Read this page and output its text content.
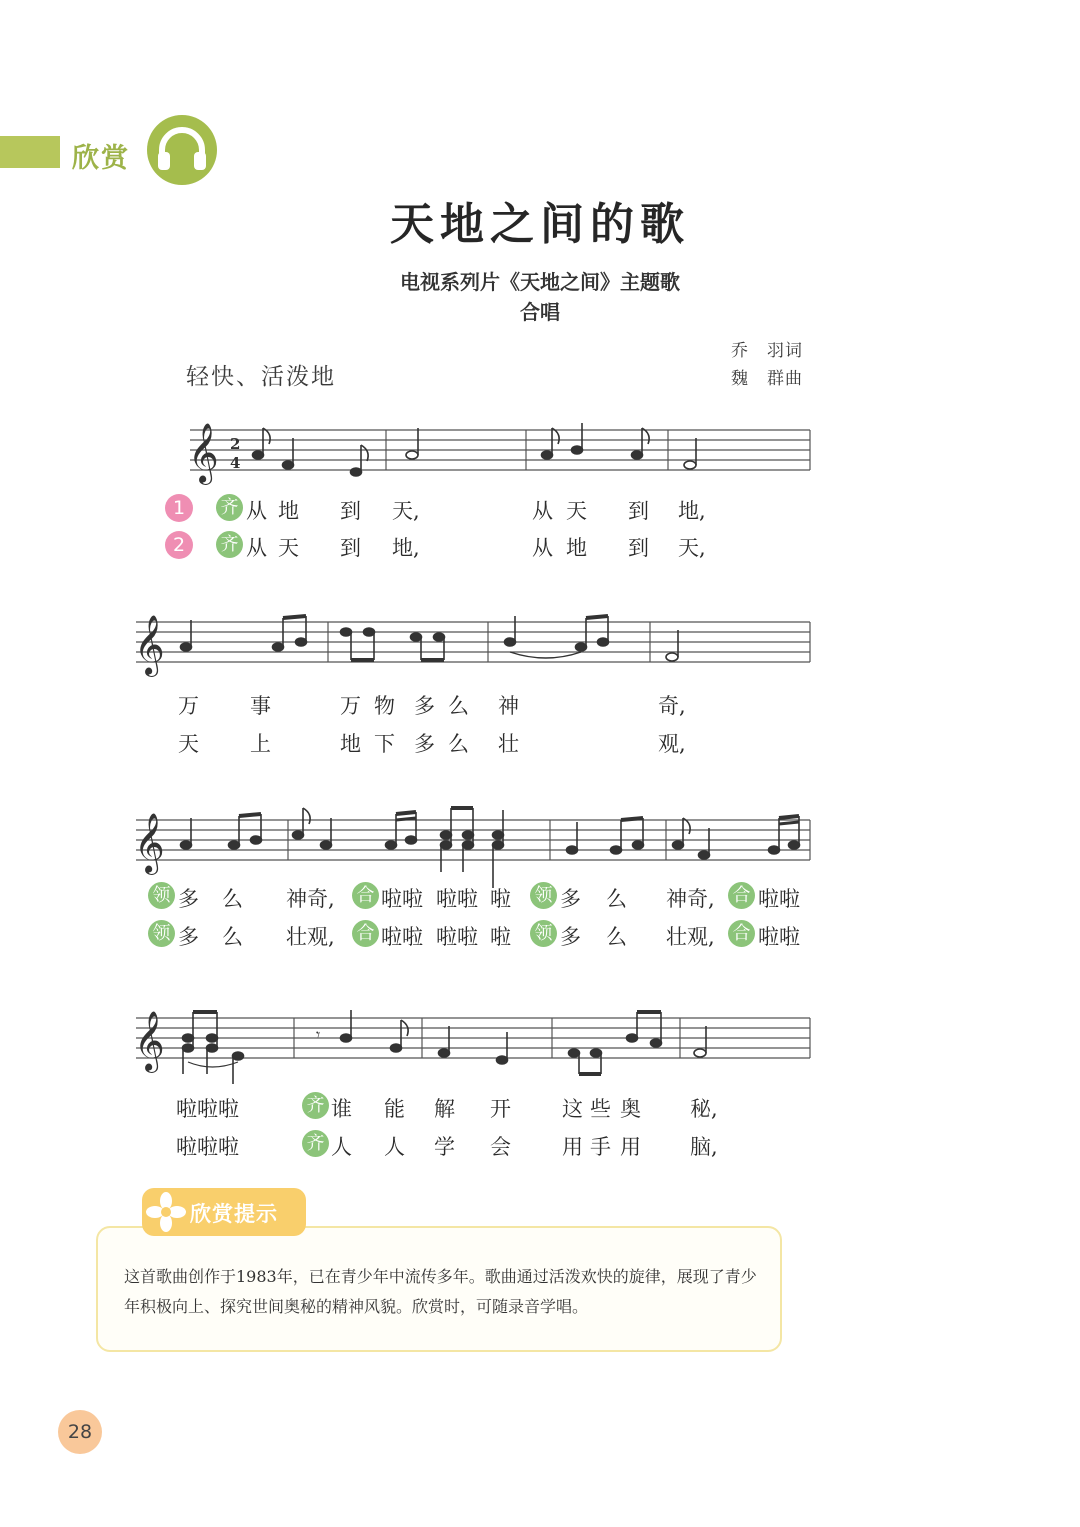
欣赏
天地之间的歌
电视系列片《天地之间》主题歌
合唱
轻快、活泼地
乔　羽词
魏　群曲
𝄞 2
4
1	齐 从 地 到 天,	从 天 到 地,
2	齐 从 天 到 地,	从 地 到 天,
𝄞
万 事	万 物 多 么 神	奇,
天 上	地 下 多 么 壮	观,
𝄞
领 多 么 神奇, 合 啦啦 啦啦 啦 领 多 么 神奇, 合 啦啦
领 多 么 壮观, 合 啦啦 啦啦 啦 领 多 么 壮观, 合 啦啦
𝄞	𝄾
啦啦啦	齐 谁 能 解 开 这 些 奥 秘,
啦啦啦	齐 人 人 学 会 用 手 用 脑,
欣赏提示
这首歌曲创作于1983年，已在青少年中流传多年。歌曲通过活泼欢快的旋律，展现了青少年积极向上、探究世间奥秘的精神风貌。欣赏时，可随录音学唱。
28
